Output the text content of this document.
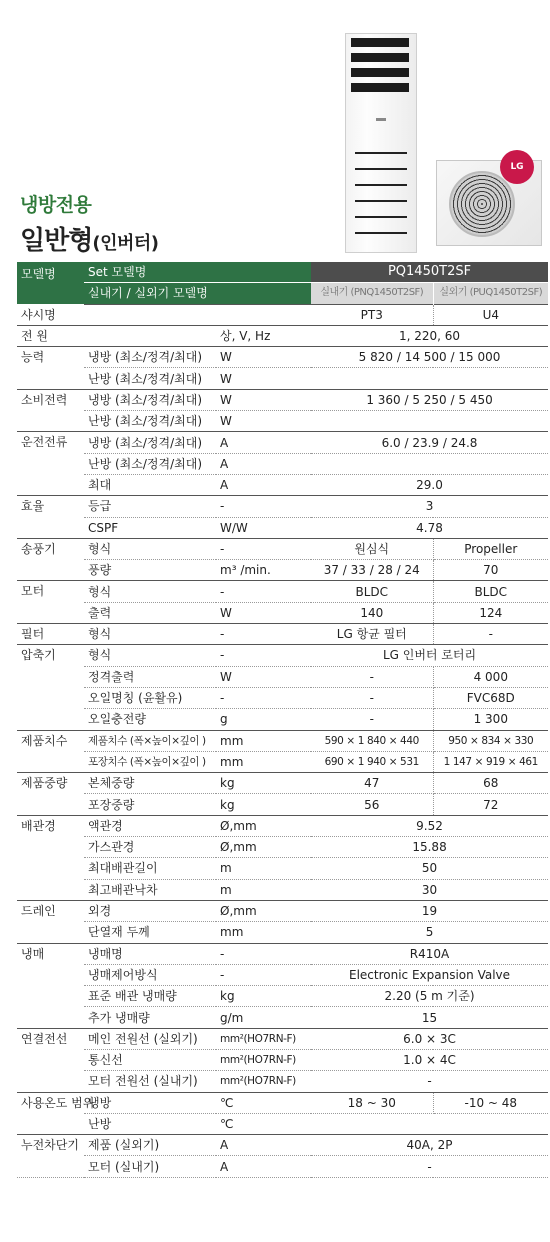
LG
냉방전용
일반형(인버터)
모델명	Set 모델명		PQ1450T2SF	
	실내기 / 실외기 모델명		실내기 (PNQ1450T2SF)	실외기 (PUQ1450T2SF)
샤시명			PT3	U4
전 원		상, V, Hz	1, 220, 60	
능력	냉방 (최소/정격/최대)	W	5 820 / 14 500 / 15 000	
	난방 (최소/정격/최대)	W		
소비전력	냉방 (최소/정격/최대)	W	1 360 / 5 250 / 5 450	
	난방 (최소/정격/최대)	W		
운전전류	냉방 (최소/정격/최대)	A	6.0 / 23.9 / 24.8	
	난방 (최소/정격/최대)	A		
	최대	A	29.0	
효율	등급	-	3	
	CSPF	W/W	4.78	
송풍기	형식	-	원심식	Propeller
	풍량	m³ /min.	37 / 33 / 28 / 24	70
모터	형식	-	BLDC	BLDC
	출력	W	140	124
필터	형식	-	LG 항균 필터	-
압축기	형식	-	LG 인버터 로터리	
	정격출력	W	-	4 000
	오일명칭 (윤활유)	-	-	FVC68D
	오일충전량	g	-	1 300
제품치수	제품치수 (폭×높이×깊이 )	mm	590 × 1 840 × 440	950 × 834 × 330
	포장치수 (폭×높이×깊이 )	mm	690 × 1 940 × 531	1 147 × 919 × 461
제품중량	본체중량	kg	47	68
	포장중량	kg	56	72
배관경	액관경	Ø,mm	9.52	
	가스관경	Ø,mm	15.88	
	최대배관길이	m	50	
	최고배관낙차	m	30	
드레인	외경	Ø,mm	19	
	단열재 두께	mm	5	
냉매	냉매명	-	R410A	
	냉매제어방식	-	Electronic Expansion Valve	
	표준 배관 냉매량	kg	2.20 (5 m 기준)	
	추가 냉매량	g/m	15	
연결전선	메인 전원선 (실외기)	mm²(HO7RN-F)	6.0 × 3C	
	통신선	mm²(HO7RN-F)	1.0 × 4C	
	모터 전원선 (실내기)	mm²(HO7RN-F)	-	
사용온도 범위	냉방	℃	18 ~ 30	-10 ~ 48
	난방	℃		
누전차단기	제품 (실외기)	A	40A, 2P	
	모터 (실내기)	A	-	
